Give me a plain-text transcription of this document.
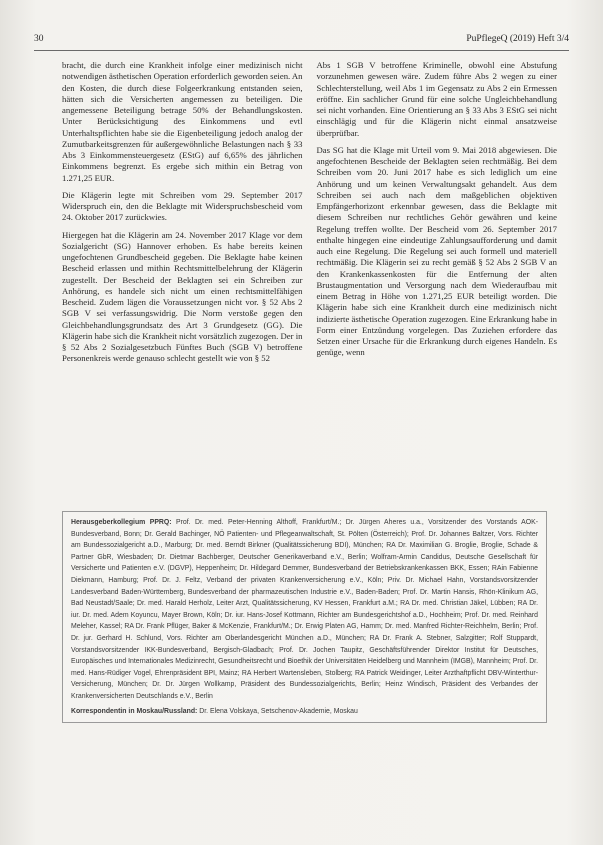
30	PuPflegeQ (2019) Heft 3/4

bracht, die durch eine Krankheit infolge einer medizinisch nicht notwendigen ästhetischen Operation erforderlich geworden seien. An den Kosten, die durch diese Folgeerkrankung entstanden seien, hätten sich die Versicherten angemessen zu beteiligen. Die angemessene Beteiligung betrage 50% der Behandlungskosten. Unter Berücksichtigung des Einkommens und evtl Unterhaltspflichten habe sie die Eigenbeteiligung jedoch analog der Zumutbarkeitsgrenzen für außergewöhnliche Belastungen nach § 33 Abs 3 Einkommensteuergesetz (EStG) auf 6,65% des jährlichen Einkommens begrenzt. Es ergebe sich mithin ein Betrag von 1.271,25 EUR.

Die Klägerin legte mit Schreiben vom 29. September 2017 Widerspruch ein, den die Beklagte mit Widerspruchsbescheid vom 24. Oktober 2017 zurückwies.

Hiergegen hat die Klägerin am 24. November 2017 Klage vor dem Sozialgericht (SG) Hannover erhoben. Es habe bereits keinen ungefochtenen Grundbescheid gegeben. Die Beklagte habe keinen Bescheid erlassen und mithin Rechtsmittelbelehrung der Klägerin zugestellt. Der Bescheid der Beklagten sei ein Schreiben zur Anhörung, es handele sich nicht um einen rechtsmittelfähigen Bescheid. Zudem lägen die Voraussetzungen nicht vor. § 52 Abs 2 SGB V sei verfassungswidrig. Die Norm verstoße gegen den Gleichbehandlungsgrundsatz des Art 3 Grundgesetz (GG). Die Klägerin habe sich die Krankheit nicht vorsätzlich zugezogen. Der in § 52 Abs 2 Sozialgesetzbuch Fünftes Buch (SGB V) betroffene Personenkreis werde genauso schlecht gestellt wie von § 52

Abs 1 SGB V betroffene Kriminelle, obwohl eine Abstufung vorzunehmen gewesen wäre. Zudem führe Abs 2 wegen zu einer Schlechterstellung, weil Abs 1 im Gegensatz zu Abs 2 ein Ermessen eröffne. Ein sachlicher Grund für eine solche Ungleichbehandlung sei nicht vorhanden. Eine Orientierung an § 33 Abs 3 EStG sei nicht einschlägig und für die Klägerin nicht einmal ansatzweise überprüfbar.

Das SG hat die Klage mit Urteil vom 9. Mai 2018 abgewiesen. Die angefochtenen Bescheide der Beklagten seien rechtmäßig. Bei dem Schreiben vom 20. Juni 2017 habe es sich lediglich um eine Anhörung und um keinen Verwaltungsakt gehandelt. Aus dem Schreiben sei auch nach dem maßgeblichen objektiven Empfängerhorizont erkennbar gewesen, dass die Beklagte mit diesem Schreiben nur rechtliches Gehör gewähren und keine Regelung treffen wollte. Der Bescheid vom 26. September 2017 enthalte hingegen eine eindeutige Zahlungsaufforderung und damit auch eine Regelung. Die Regelung sei auch formell und materiell rechtmäßig. Die Klägerin sei zu recht gemäß § 52 Abs 2 SGB V an den Krankenkassenkosten für die Entfernung der alten Brustaugmentation und Versorgung nach dem Wiederaufbau mit einem Betrag in Höhe von 1.271,25 EUR beteiligt worden. Die Klägerin habe sich eine Krankheit durch eine medizinisch nicht indizierte ästhetische Operation zugezogen. Eine Erkrankung habe in Form einer Entzündung vorgelegen. Das Zuziehen erfordere das Setzen einer Ursache für die Erkrankung durch eigenes Handeln. Es genüge, wenn

Herausgeberkollegium PPRQ: Prof. Dr. med. Peter-Henning Althoff, Frankfurt/M.; Dr. Jürgen Aheres u.a., Vorsitzender des Vorstands AOK-Bundesverband, Bonn; Dr. Gerald Bachinger, NÖ Patienten- und Pflegeanwaltschaft, St. Pölten (Österreich); Prof. Dr. Johannes Baltzer, Vors. Richter am Bundessozialgericht a.D., Marburg; Dr. med. Berndt Birkner (Qualitätssicherung BDI), München; RA Dr. Maximilian G. Broglie, Broglie, Schade & Partner GbR, Wiesbaden; Dr. Dietmar Bachberger, Deutscher Generikaverband e.V., Berlin; Wolfram-Armin Candidus, Deutsche Gesellschaft für Versicherte und Patienten e.V. (DGVP), Heppenheim; Dr. Hildegard Demmer, Bundesverband der Betriebskrankenkassen BKK, Essen; RAin Fabienne Diekmann, Hamburg; Prof. Dr. J. Feltz, Verband der privaten Krankenversicherung e.V., Köln; Priv. Dr. Michael Hahn, Vorstandsvorsitzender Landesverband Baden-Württemberg, Bundesverband der pharmazeutischen Industrie e.V., Baden-Baden; Prof. Dr. Martin Hansis, Rhön-Klinikum AG, Bad Neustadt/Saale; Dr. med. Harald Herholz, Leiter Arzt, Qualitätssicherung, KV Hessen, Frankfurt a.M.; RA Dr. med. Christian Jäkel, Lübben; RA Dr. iur. Dr. med. Adem Koyuncu, Mayer Brown, Köln; Dr. iur. Hans-Josef Kottmann, Richter am Bundesgerichtshof a.D., Hochheim; Prof. Dr. med. Reinhard Meleher, Kassel; RA Dr. Frank Pflüger, Baker & McKenzie, Frankfurt/M.; Dr. Erwig Platen AG, Hamm; Dr. med. Manfred Richter-Reichhelm, Berlin; Prof. Dr. jur. Gerhard H. Schlund, Vors. Richter am Oberlandesgericht München a.D., München; RA Dr. Frank A. Stebner, Salzgitter; Rolf Stuppardt, Vorstandsvorsitzender IKK-Bundesverband, Bergisch-Gladbach; Prof. Dr. Jochen Taupitz, Geschäftsführender Direktor Institut für Deutsches, Europäisches und Internationales Medizinrecht, Gesundheitsrecht und Bioethik der Universitäten Heidelberg und Mannheim (IMGB), Mannheim; Prof. Dr. med. Hans-Rüdiger Vogel, Ehrenpräsident BPI, Mainz; RA Herbert Wartensleben, Stolberg; RA Patrick Weidinger, Leiter Arzthaftpflicht DBV-Winterthur-Versicherung, München; Dr. Dr. Jürgen Wollkamp, Präsident des Bundessozialgerichts, Berlin; Heinz Windisch, Präsident des Verbandes der Krankenversicherten Deutschlands e.V., Berlin

Korrespondentin in Moskau/Russland: Dr. Elena Volskaya, Setschenov-Akademie, Moskau
